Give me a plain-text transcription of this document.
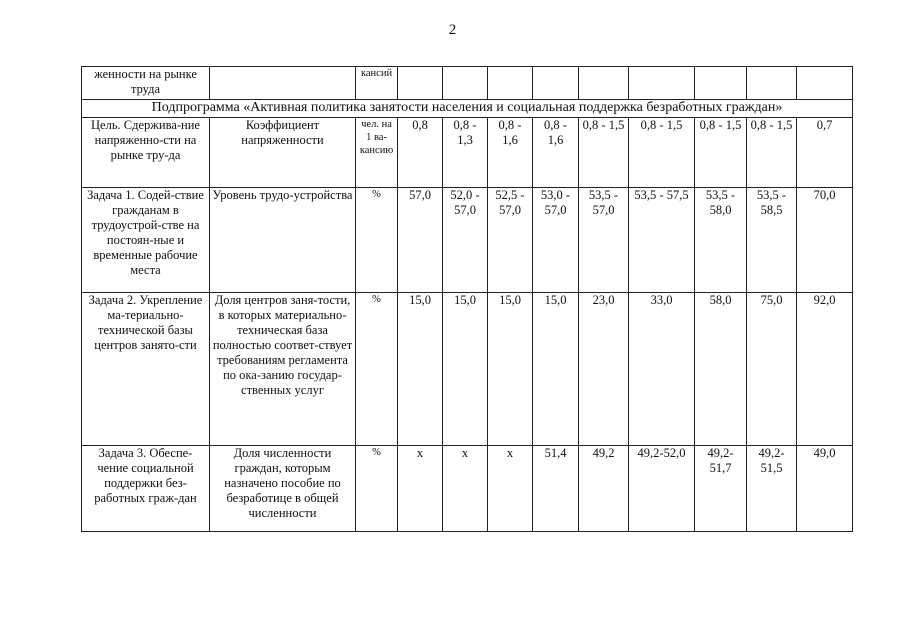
2
женности на рынке труда		кансий									
Подпрограмма «Активная политика занятости населения и социальная поддержка безработных граждан»											
Цель. Сдержива-ние напряженно-сти на рынке тру-да	Коэффициент напряженности	чел. на 1 ва-кансию	0,8	0,8 - 1,3	0,8 - 1,6	0,8 - 1,6	0,8 - 1,5	0,8 - 1,5	0,8 - 1,5	0,8 - 1,5	0,7
Задача 1. Содей-ствие гражданам в трудоустрой-стве на постоян-ные и временные рабочие места	Уровень трудо-устройства	%	57,0	52,0 - 57,0	52,5 - 57,0	53,0 - 57,0	53,5 - 57,0	53,5 - 57,5	53,5 - 58,0	53,5 - 58,5	70,0
Задача 2. Укрепление ма-териально-технической базы центров занято-сти	Доля центров заня-тости, в которых материально-техническая база полностью соответ-ствует требованиям регламента по ока-занию государ-ственных услуг	%	15,0	15,0	15,0	15,0	23,0	33,0	58,0	75,0	92,0
Задача 3. Обеспе-чение социальной поддержки без-работных граж-дан	Доля численности граждан, которым назначено пособие по безработице в общей численности	%	х	х	х	51,4	49,2	49,2-52,0	49,2-51,7	49,2-51,5	49,0
